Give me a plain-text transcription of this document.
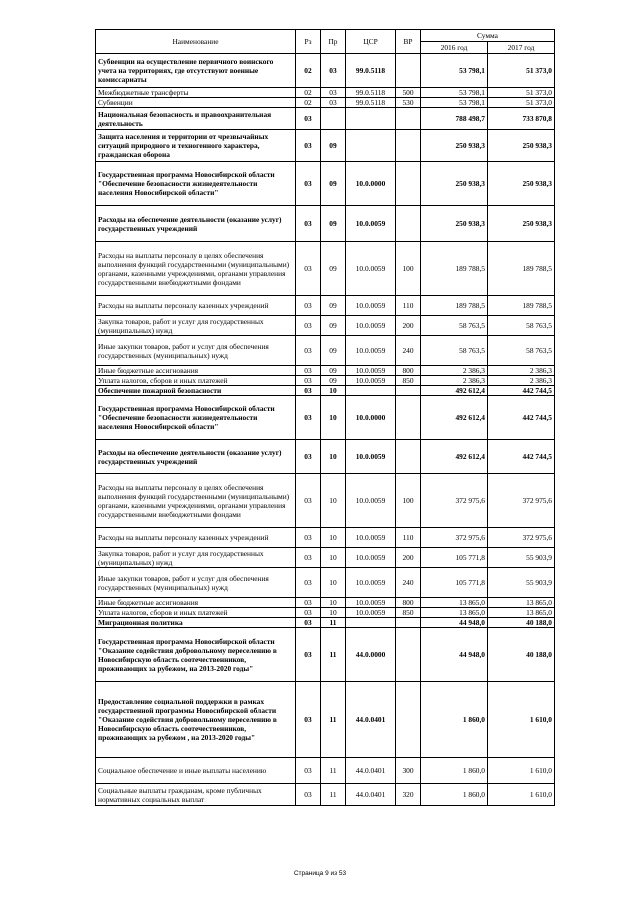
Наименование	Рз	Пр	ЦСР	ВР	Сумма	
					2016 год	2017 год
Субвенции на осуществление первичного воинского учета на территориях, где отсутствуют военные комиссариаты	02	03	99.0.5118		53 798,1	51 373,0
Межбюджетные трансферты	02	03	99.0.5118	500	53 798,1	51 373,0
Субвенции	02	03	99.0.5118	530	53 798,1	51 373,0
Национальная безопасность и правоохранительная деятельность	03				788 498,7	733 870,8
Защита населения и территории от чрезвычайных ситуаций природного и техногенного характера, гражданская оборона	03	09			250 938,3	250 938,3
Государственная программа Новосибирской области "Обеспечение безопасности жизнедеятельности населения Новосибирской области"	03	09	10.0.0000		250 938,3	250 938,3
Расходы на обеспечение деятельности (оказание услуг) государственных учреждений	03	09	10.0.0059		250 938,3	250 938,3
Расходы на выплаты персоналу в целях обеспечения выполнения функций государственными (муниципальными) органами, казенными учреждениями, органами управления государственными внебюджетными фондами	03	09	10.0.0059	100	189 788,5	189 788,5
Расходы на выплаты персоналу казенных учреждений	03	09	10.0.0059	110	189 788,5	189 788,5
Закупка товаров, работ и услуг для государственных (муниципальных) нужд	03	09	10.0.0059	200	58 763,5	58 763,5
Иные закупки товаров, работ и услуг для обеспечения государственных (муниципальных) нужд	03	09	10.0.0059	240	58 763,5	58 763,5
Иные бюджетные ассигнования	03	09	10.0.0059	800	2 386,3	2 386,3
Уплата налогов, сборов и иных платежей	03	09	10.0.0059	850	2 386,3	2 386,3
Обеспечение пожарной безопасности	03	10			492 612,4	442 744,5
Государственная программа Новосибирской области "Обеспечение безопасности жизнедеятельности населения Новосибирской области"	03	10	10.0.0000		492 612,4	442 744,5
Расходы на обеспечение деятельности (оказание услуг) государственных учреждений	03	10	10.0.0059		492 612,4	442 744,5
Расходы на выплаты персоналу в целях обеспечения выполнения функций государственными (муниципальными) органами, казенными учреждениями, органами управления государственными внебюджетными фондами	03	10	10.0.0059	100	372 975,6	372 975,6
Расходы на выплаты персоналу казенных учреждений	03	10	10.0.0059	110	372 975,6	372 975,6
Закупка товаров, работ и услуг для государственных (муниципальных) нужд	03	10	10.0.0059	200	105 771,8	55 903,9
Иные закупки товаров, работ и услуг для обеспечения государственных (муниципальных) нужд	03	10	10.0.0059	240	105 771,8	55 903,9
Иные бюджетные ассигнования	03	10	10.0.0059	800	13 865,0	13 865,0
Уплата налогов, сборов и иных платежей	03	10	10.0.0059	850	13 865,0	13 865,0
Миграционная политика	03	11			44 948,0	40 188,0
Государственная программа Новосибирской области "Оказание содействия добровольному переселению в Новосибирскую область соотечественников, проживающих за рубежом, на 2013-2020 годы"	03	11	44.0.0000		44 948,0	40 188,0
Предоставление социальной поддержки в рамках государственной программы Новосибирской области "Оказание содействия добровольному переселению в Новосибирскую область соотечественников, проживающих за рубежом , на 2013-2020 годы"	03	11	44.0.0401		1 860,0	1 610,0
Социальное обеспечение и иные выплаты населению	03	11	44.0.0401	300	1 860,0	1 610,0
Социальные выплаты гражданам, кроме публичных нормативных социальных выплат	03	11	44.0.0401	320	1 860,0	1 610,0
Страница 9 из 53
